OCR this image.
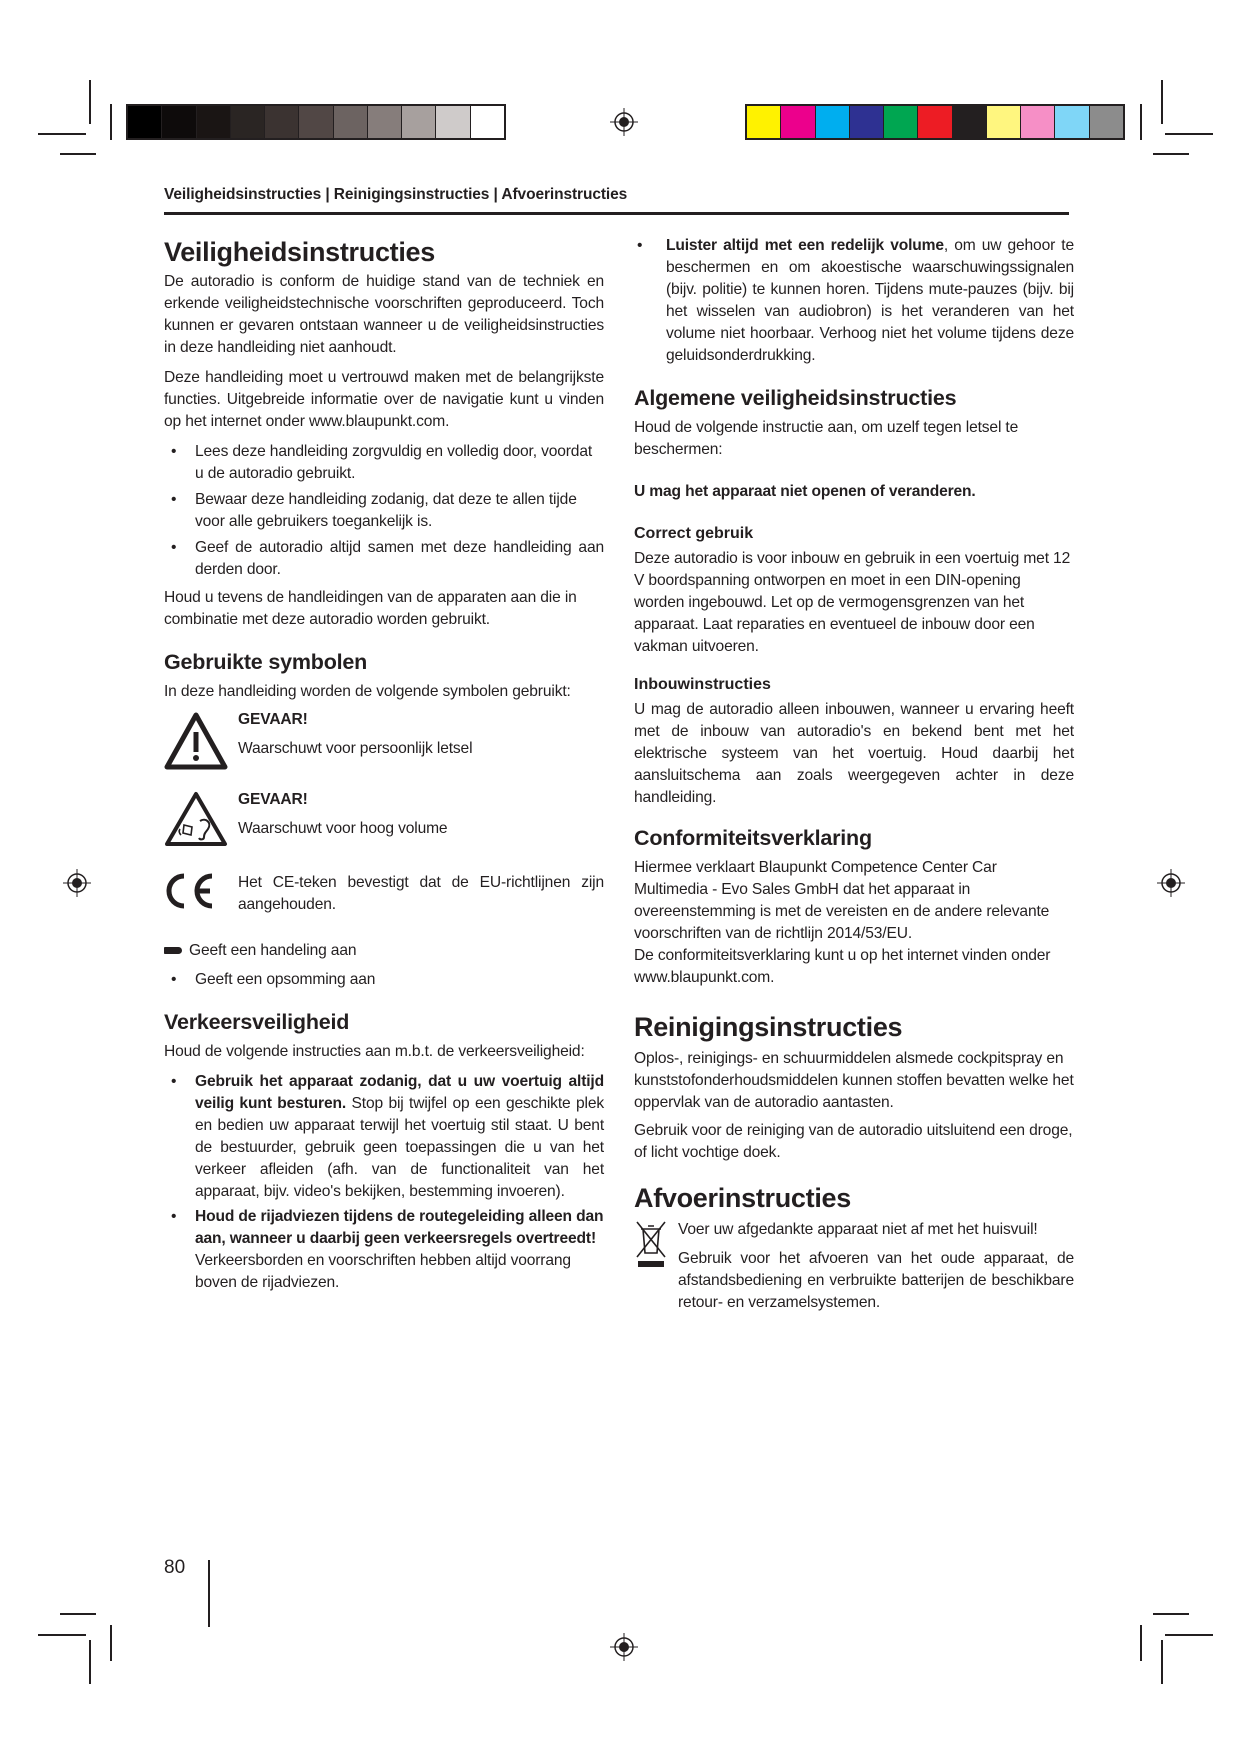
Veiligheidsinstructies | Reinigingsinstructies | Afvoerinstructies
Veiligheidsinstructies
De autoradio is conform de huidige stand van de techniek en erkende veiligheidstechnische voorschriften geproduceerd. Toch kunnen er gevaren ontstaan wanneer u de veiligheidsinstructies in deze handleiding niet aanhoudt.
Deze handleiding moet u vertrouwd maken met de belangrijkste functies. Uitgebreide informatie over de navigatie kunt u vinden op het internet onder www.blaupunkt.com.
• Lees deze handleiding zorgvuldig en volledig door, voordat u de autoradio gebruikt.
• Bewaar deze handleiding zodanig, dat deze te allen tijde voor alle gebruikers toegankelijk is.
• Geef de autoradio altijd samen met deze handleiding aan derden door.
Houd u tevens de handleidingen van de apparaten aan die in combinatie met deze autoradio worden gebruikt.
Gebruikte symbolen
In deze handleiding worden de volgende symbolen gebruikt:
GEVAAR!
Waarschuwt voor persoonlijk letsel
GEVAAR!
Waarschuwt voor hoog volume
Het CE-teken bevestigt dat de EU-richtlijnen zijn aangehouden.
Geeft een handeling aan
• Geeft een opsomming aan
Verkeersveiligheid
Houd de volgende instructies aan m.b.t. de verkeersveiligheid:
• Gebruik het apparaat zodanig, dat u uw voertuig altijd veilig kunt besturen. Stop bij twijfel op een geschikte plek en bedien uw apparaat terwijl het voertuig stil staat. U bent de bestuurder, gebruik geen toepassingen die u van het verkeer afleiden (afh. van de functionaliteit van het apparaat, bijv. video's bekijken, bestemming invoeren).
• Houd de rijadviezen tijdens de routegeleiding alleen dan aan, wanneer u daarbij geen verkeersregels overtreedt! Verkeersborden en voorschriften hebben altijd voorrang boven de rijadviezen.
• Luister altijd met een redelijk volume, om uw gehoor te beschermen en om akoestische waarschuwingssignalen (bijv. politie) te kunnen horen. Tijdens mute-pauzes (bijv. bij het wisselen van audiobron) is het veranderen van het volume niet hoorbaar. Verhoog niet het volume tijdens deze geluidsonderdrukking.
Algemene veiligheidsinstructies
Houd de volgende instructie aan, om uzelf tegen letsel te beschermen:
U mag het apparaat niet openen of veranderen.
Correct gebruik
Deze autoradio is voor inbouw en gebruik in een voertuig met 12 V boordspanning ontworpen en moet in een DIN-opening worden ingebouwd. Let op de vermogensgrenzen van het apparaat. Laat reparaties en eventueel de inbouw door een vakman uitvoeren.
Inbouwinstructies
U mag de autoradio alleen inbouwen, wanneer u ervaring heeft met de inbouw van autoradio's en bekend bent met het elektrische systeem van het voertuig. Houd daarbij het aansluitschema aan zoals weergegeven achter in deze handleiding.
Conformiteitsverklaring
Hiermee verklaart Blaupunkt Competence Center Car Multimedia - Evo Sales GmbH dat het apparaat in overeenstemming is met de vereisten en de andere relevante voorschriften van de richtlijn 2014/53/EU.
De conformiteitsverklaring kunt u op het internet vinden onder www.blaupunkt.com.
Reinigingsinstructies
Oplos-, reinigings- en schuurmiddelen alsmede cockpitspray en kunststofonderhoudsmiddelen kunnen stoffen bevatten welke het oppervlak van de autoradio aantasten.
Gebruik voor de reiniging van de autoradio uitsluitend een droge, of licht vochtige doek.
Afvoerinstructies
Voer uw afgedankte apparaat niet af met het huisvuil!
Gebruik voor het afvoeren van het oude apparaat, de afstandsbediening en verbruikte batterijen de beschikbare retour- en verzamelsystemen.
80
